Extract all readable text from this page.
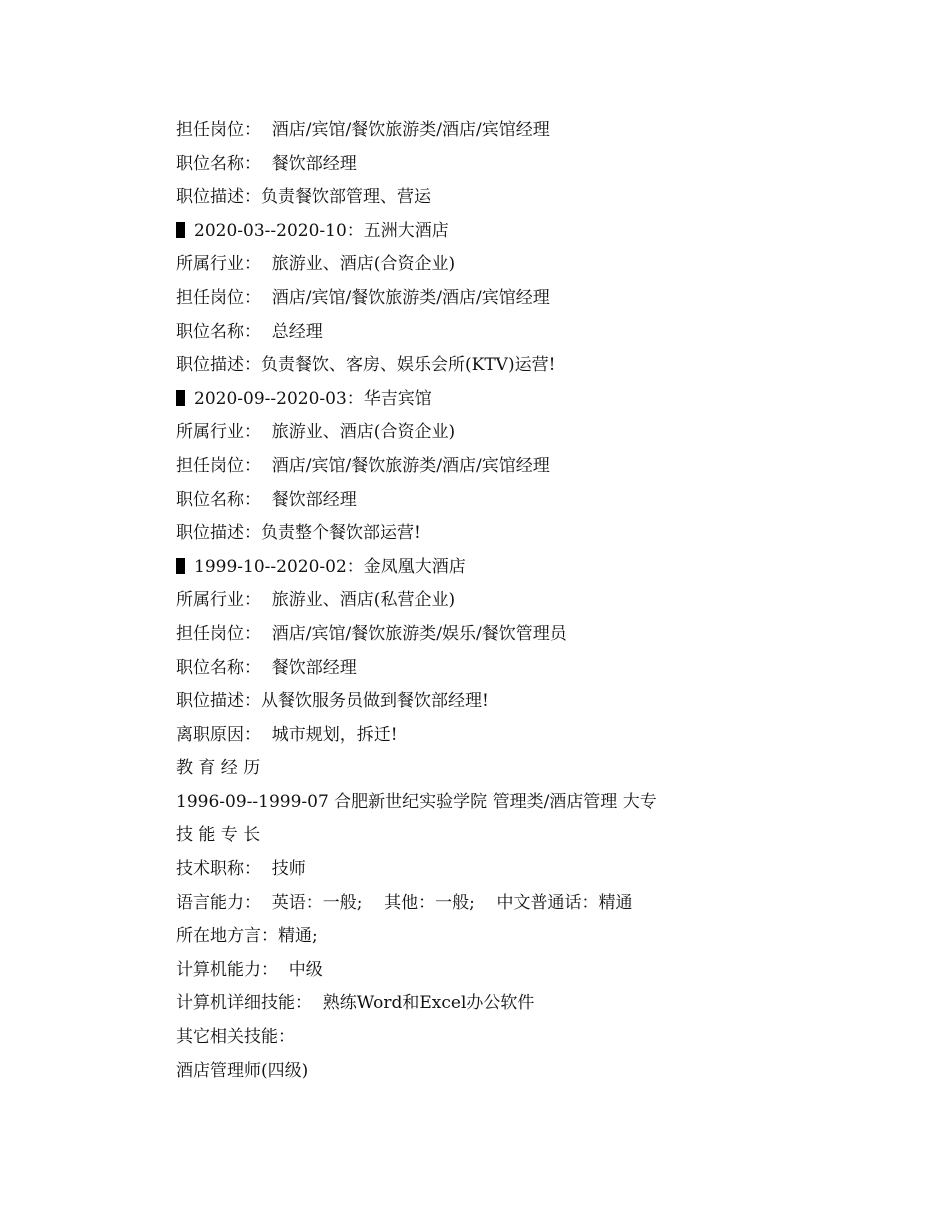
担任岗位：  酒店/宾馆/餐饮旅游类/酒店/宾馆经理
职位名称：  餐饮部经理
职位描述：负责餐饮部管理、营运
2020-03--2020-10：五洲大酒店
所属行业：  旅游业、酒店(合资企业)
担任岗位：  酒店/宾馆/餐饮旅游类/酒店/宾馆经理
职位名称：  总经理
职位描述：负责餐饮、客房、娱乐会所(KTV)运营!
2020-09--2020-03：华吉宾馆
所属行业：  旅游业、酒店(合资企业)
担任岗位：  酒店/宾馆/餐饮旅游类/酒店/宾馆经理
职位名称：  餐饮部经理
职位描述：负责整个餐饮部运营!
1999-10--2020-02：金凤凰大酒店
所属行业：  旅游业、酒店(私营企业)
担任岗位：  酒店/宾馆/餐饮旅游类/娱乐/餐饮管理员
职位名称：  餐饮部经理
职位描述：从餐饮服务员做到餐饮部经理!
离职原因：  城市规划，拆迁!
教 育 经 历
1996-09--1999-07 合肥新世纪实验学院 管理类/酒店管理 大专
技 能 专 长
技术职称：  技师
语言能力：  英语：一般;    其他：一般;    中文普通话：精通
所在地方言：精通;
计算机能力：  中级
计算机详细技能：  熟练Word和Excel办公软件
其它相关技能：
酒店管理师(四级)
